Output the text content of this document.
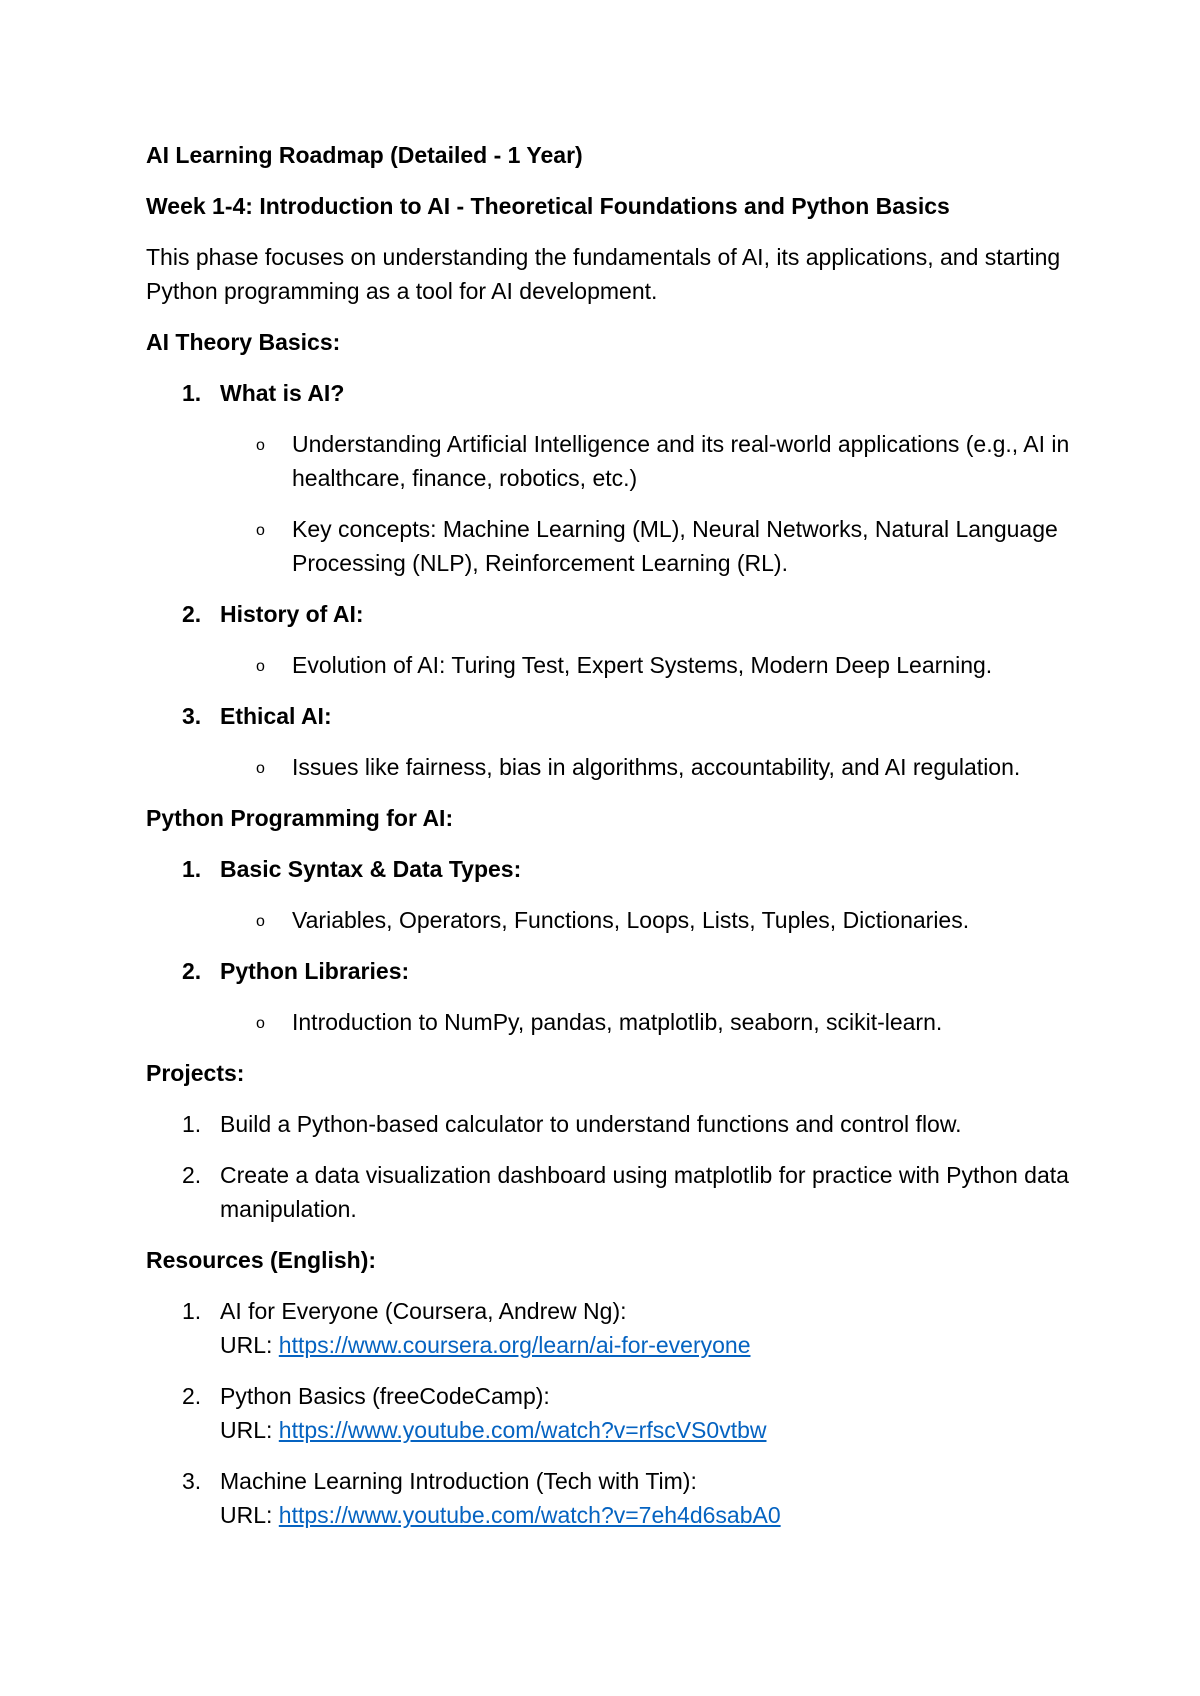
AI Learning Roadmap (Detailed - 1 Year)

Week 1-4: Introduction to AI - Theoretical Foundations and Python Basics

This phase focuses on understanding the fundamentals of AI, its applications, and starting Python programming as a tool for AI development.

AI Theory Basics:

1. What is AI?
o Understanding Artificial Intelligence and its real-world applications (e.g., AI in healthcare, finance, robotics, etc.)
o Key concepts: Machine Learning (ML), Neural Networks, Natural Language Processing (NLP), Reinforcement Learning (RL).
2. History of AI:
o Evolution of AI: Turing Test, Expert Systems, Modern Deep Learning.
3. Ethical AI:
o Issues like fairness, bias in algorithms, accountability, and AI regulation.

Python Programming for AI:

1. Basic Syntax & Data Types:
o Variables, Operators, Functions, Loops, Lists, Tuples, Dictionaries.
2. Python Libraries:
o Introduction to NumPy, pandas, matplotlib, seaborn, scikit-learn.

Projects:

1. Build a Python-based calculator to understand functions and control flow.
2. Create a data visualization dashboard using matplotlib for practice with Python data manipulation.

Resources (English):

1. AI for Everyone (Coursera, Andrew Ng):
URL: https://www.coursera.org/learn/ai-for-everyone
2. Python Basics (freeCodeCamp):
URL: https://www.youtube.com/watch?v=rfscVS0vtbw
3. Machine Learning Introduction (Tech with Tim):
URL: https://www.youtube.com/watch?v=7eh4d6sabA0
